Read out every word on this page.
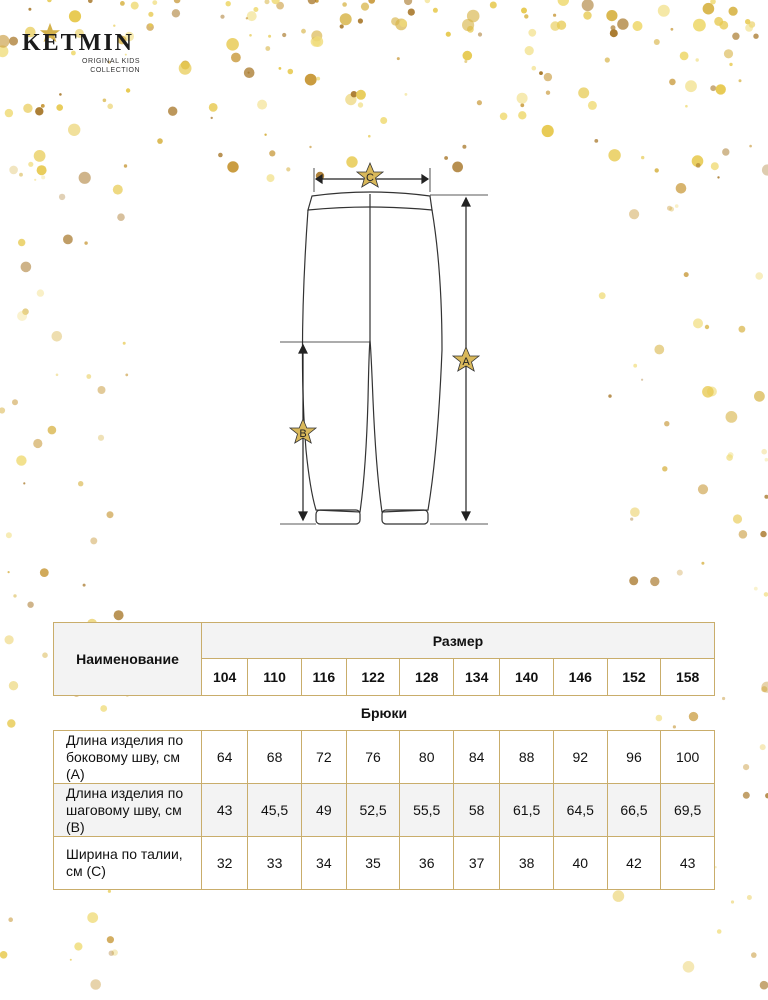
KETMIN
ORIGINAL KIDS
COLLECTION
C
A
B
Наименование	Размер									
	104	110	116	122	128	134	140	146	152	158
Брюки										
Длина изделия по боковому шву, см (А)	64	68	72	76	80	84	88	92	96	100
Длина изделия по шаговому шву, см (В)	43	45,5	49	52,5	55,5	58	61,5	64,5	66,5	69,5
Ширина по талии, см (С)	32	33	34	35	36	37	38	40	42	43
